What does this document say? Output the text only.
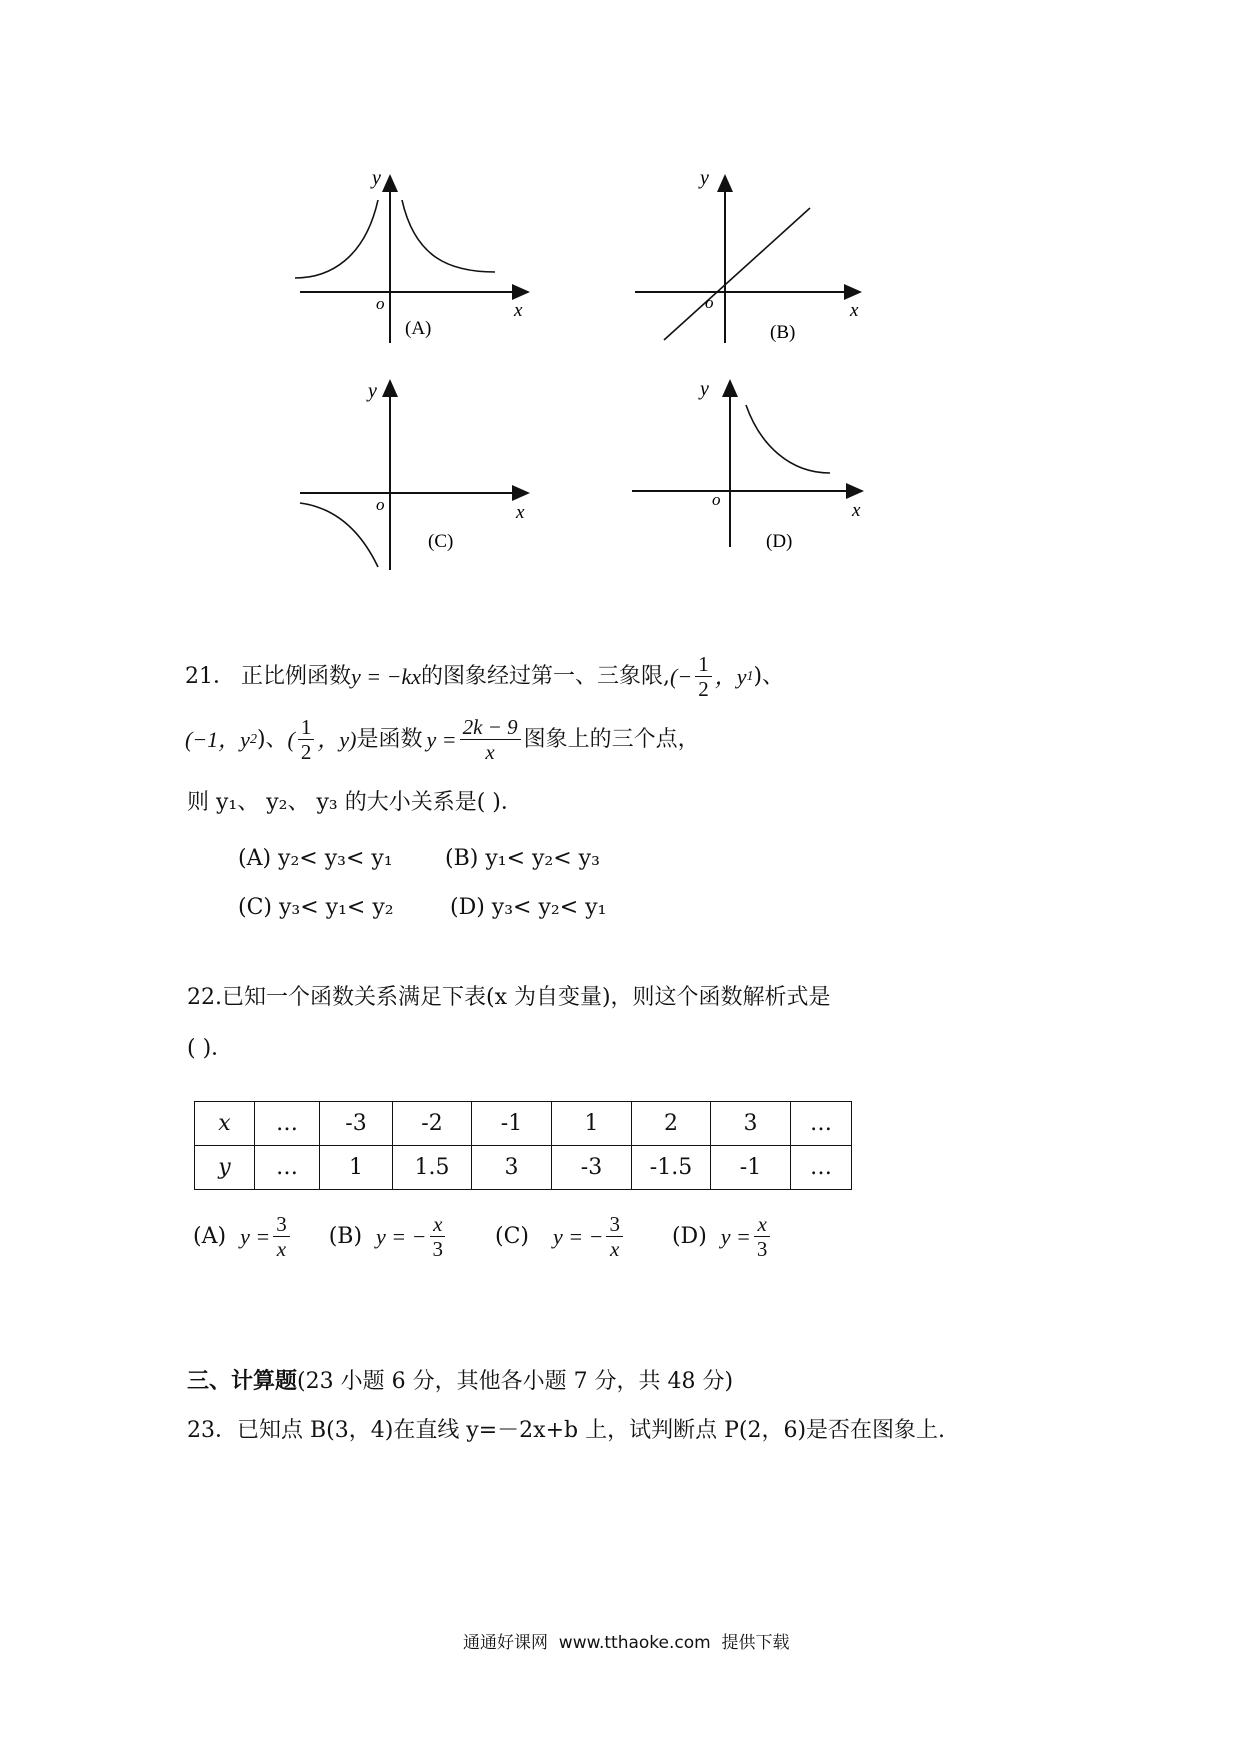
y
o	x
(A)
y
o	x
(B)
y
o	x
(C)
y
o
x
(D)
21． 正比例函数 y = −kx 的图象经过第一、三象限, (− $\frac{1}{2}$ ，y 1 )、
(−1，y 2 )、 ( $\frac{1}{2}$ ，y) 是函数 $y = \frac{2k - 9}{x}$ 图象上的三个点，
则 y₁、 y₂、 y₃ 的大小关系是( )．
(A) y₂< y₃< y₁ (B) y₁< y₂< y₃
(C) y₃< y₁< y₂	(D) y₃< y₂< y₁
22.已知一个函数关系满足下表(x 为自变量)，则这个函数解析式是
( )．
x	…	-3	-2	-1	1	2	3	…
y	…	1	1.5	3	-3	-1.5	-1	…
(A) $y = \frac{3}{x} (B) y$ = − $\frac{x}{3} (C) y$ = − $\frac{3}{x} (D) y = \frac{x}{3}$
三、计算题(23 小题 6 分，其他各小题 7 分，共 48 分)
23．已知点 B(3，4)在直线 y=－2x+b 上，试判断点 P(2，6)是否在图象上.
通通好课网  www.tthaoke.com  提供下载
